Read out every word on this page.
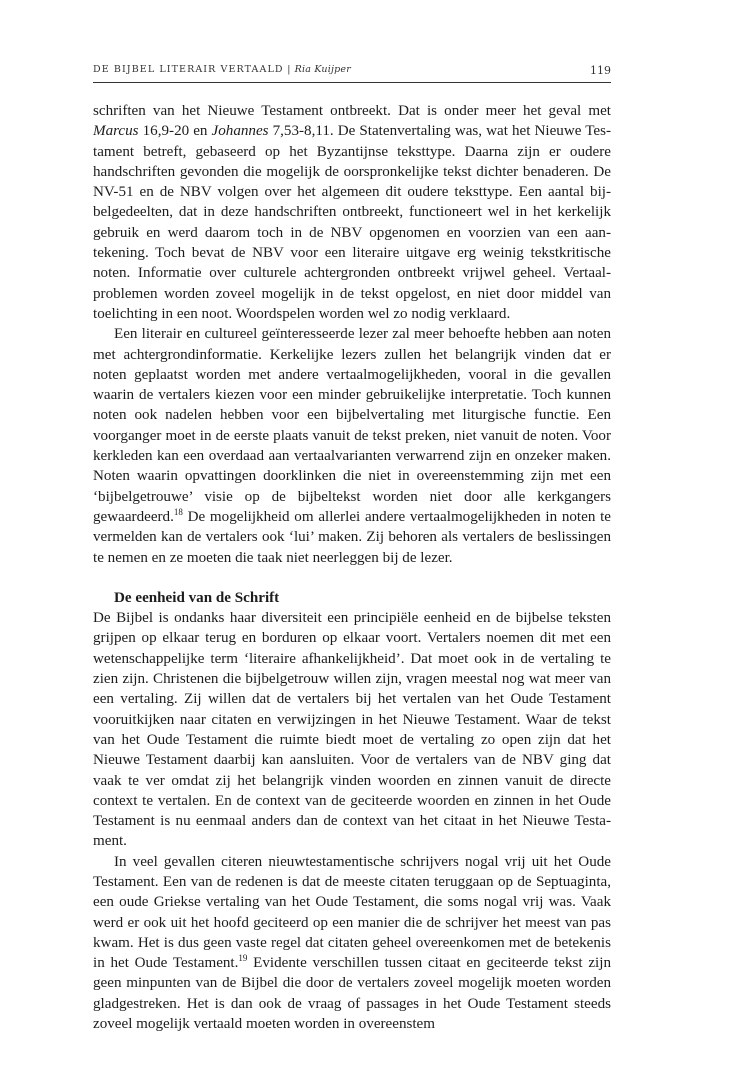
DE BIJBEL LITERAIR VERTAALD | Ria Kuijper	119

schriften van het Nieuwe Testament ontbreekt. Dat is onder meer het geval met Marcus 16,9-20 en Johannes 7,53-8,11. De Statenvertaling was, wat het Nieuwe Testament betreft, gebaseerd op het Byzantijnse teksttype. Daarna zijn er oudere handschriften gevonden die mogelijk de oorspronkelijke tekst dichter benaderen. De NV-51 en de NBV volgen over het algemeen dit oudere teksttype. Een aantal bijbelgedeelten, dat in deze handschriften ontbreekt, functioneert wel in het kerkelijk gebruik en werd daarom toch in de NBV opgenomen en voorzien van een aantekening. Toch bevat de NBV voor een literaire uitgave erg weinig tekstkritische noten. Informatie over culturele achtergronden ontbreekt vrijwel geheel. Vertaalproblemen worden zoveel mogelijk in de tekst opgelost, en niet door middel van toelichting in een noot. Woordspelen worden wel zo nodig verklaard.

Een literair en cultureel geïnteresseerde lezer zal meer behoefte hebben aan noten met achtergrondinformatie. Kerkelijke lezers zullen het belangrijk vinden dat er noten geplaatst worden met andere vertaalmogelijkheden, vooral in die gevallen waarin de vertalers kiezen voor een minder gebruikelijke interpretatie. Toch kunnen noten ook nadelen hebben voor een bijbelvertaling met liturgische functie. Een voorganger moet in de eerste plaats vanuit de tekst preken, niet vanuit de noten. Voor kerkleden kan een overdaad aan vertaalvarianten verwarrend zijn en onzeker maken. Noten waarin opvattingen doorklinken die niet in overeenstemming zijn met een ‘bijbelgetrouwe’ visie op de bijbeltekst worden niet door alle kerkgangers gewaardeerd.$^{18}$ De mogelijkheid om allerlei andere vertaalmogelijkheden in noten te vermelden kan de vertalers ook ‘lui’ maken. Zij behoren als vertalers de beslissingen te nemen en ze moeten die taak niet neerleggen bij de lezer.

De eenheid van de Schrift

De Bijbel is ondanks haar diversiteit een principiële eenheid en de bijbelse teksten grijpen op elkaar terug en borduren op elkaar voort. Vertalers noemen dit met een wetenschappelijke term ‘literaire afhankelijkheid’. Dat moet ook in de vertaling te zien zijn. Christenen die bijbelgetrouw willen zijn, vragen meestal nog wat meer van een vertaling. Zij willen dat de vertalers bij het vertalen van het Oude Testament vooruitkijken naar citaten en verwijzingen in het Nieuwe Testament. Waar de tekst van het Oude Testament die ruimte biedt moet de vertaling zo open zijn dat het Nieuwe Testament daarbij kan aansluiten. Voor de vertalers van de NBV ging dat vaak te ver omdat zij het belangrijk vinden woorden en zinnen vanuit de directe context te vertalen. En de context van de geciteerde woorden en zinnen in het Oude Testament is nu eenmaal anders dan de context van het citaat in het Nieuwe Testament.

In veel gevallen citeren nieuwtestamentische schrijvers nogal vrij uit het Oude Testament. Een van de redenen is dat de meeste citaten teruggaan op de Septuaginta, een oude Griekse vertaling van het Oude Testament, die soms nogal vrij was. Vaak werd er ook uit het hoofd geciteerd op een manier die de schrijver het meest van pas kwam. Het is dus geen vaste regel dat citaten geheel overeenkomen met de betekenis in het Oude Testament.$^{19}$ Evidente verschillen tussen citaat en geciteerde tekst zijn geen minpunten van de Bijbel die door de vertalers zoveel mogelijk moeten worden gladgestreken. Het is dan ook de vraag of passages in het Oude Testament steeds zoveel mogelijk vertaald moeten worden in overeenstem
